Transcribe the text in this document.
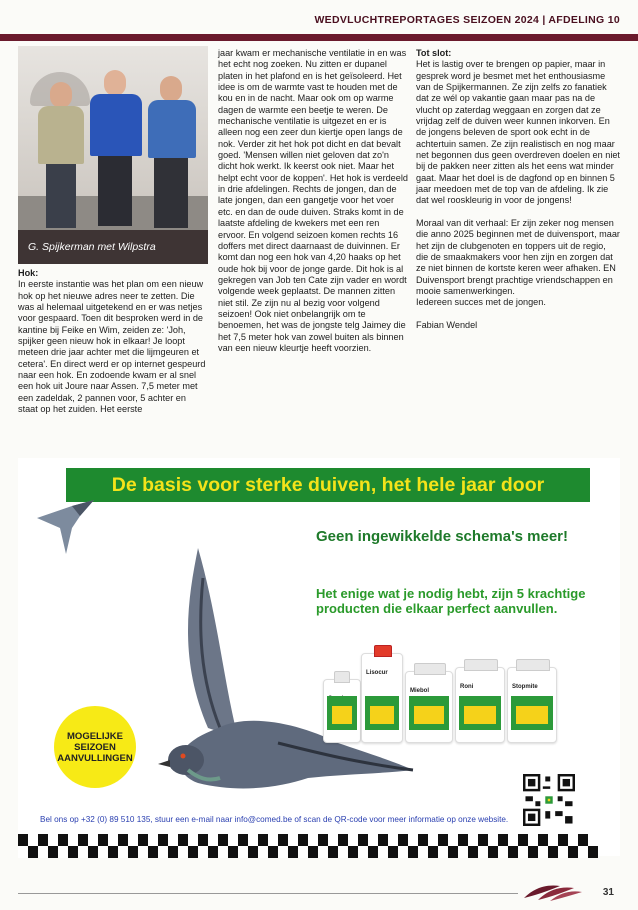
WEDVLUCHTREPORTAGES SEIZOEN 2024 | AFDELING 10
G. Spijkerman met Wilpstra

Hok:

In eerste instantie was het plan om een nieuw hok op het nieuwe adres neer te zetten. Die was al helemaal uitgetekend en er was netjes voor gespaard. Toen dit besproken werd in de kantine bij Feike en Wim, zeiden ze: 'Joh, spijker geen nieuw hok in elkaar! Je loopt meteen drie jaar achter met die lijmgeuren et cetera'. En direct werd er op internet gespeurd naar een hok. En zodoende kwam er al snel een hok uit Joure naar Assen. 7,5 meter met een zadeldak, 2 pannen voor, 5 achter en staat op het zuiden. Het eerste

jaar kwam er mechanische ventilatie in en was het echt nog zoeken. Nu zitten er dupanel platen in het plafond en is het geïsoleerd. Het idee is om de warmte vast te houden met de kou en in de nacht. Maar ook om op warme dagen de warmte een beetje te weren. De mechanische ventilatie is uitgezet en er is alleen nog een zeer dun kiertje open langs de nok. Verder zit het hok pot dicht en dat bevalt goed. 'Mensen willen niet geloven dat zo'n dicht hok werkt. Ik keerst ook niet. Maar het helpt echt voor de koppen'. Het hok is verdeeld in drie afdelingen. Rechts de jongen, dan de late jongen, dan een gangetje voor het voer etc. en dan de oude duiven. Straks komt in de laatste afdeling de kwekers met een ren ervoor. En volgend seizoen komen rechts 16 doffers met direct daarnaast de duivinnen. Er komt dan nog een hok van 4,20 haaks op het oude hok bij voor de jonge garde. Dit hok is al gekregen van Job ten Cate zijn vader en wordt volgende week geplaatst. De mannen zitten niet stil. Ze zijn nu al bezig voor volgend seizoen! Ook niet onbelangrijk om te benoemen, het was de jongste telg Jaimey die het 7,5 meter hok van zowel buiten als binnen van een nieuw kleurtje heeft voorzien.

Tot slot:

Het is lastig over te brengen op papier, maar in gesprek word je besmet met het enthousiasme van de Spijkermannen. Ze zijn zelfs zo fanatiek dat ze wél op vakantie gaan maar pas na de vlucht op zaterdag weggaan en zorgen dat ze vrijdag zelf de duiven weer kunnen inkorven. En de jongens beleven de sport ook echt in de achtertuin samen. Ze zijn realistisch en nog maar net begonnen dus geen overdreven doelen en niet bij de pakken neer zitten als het eens wat minder gaat. Maar het doel is de dagfond op en binnen 5 jaar meedoen met de top van de afdeling. Ik zie dat wel rooskleurig in voor de jongens!

Moraal van dit verhaal: Er zijn zeker nog mensen die anno 2025 beginnen met de duivensport, maar het zijn de clubgenoten en toppers uit de regio, die de smaakmakers voor hen zijn en zorgen dat ze niet binnen de kortste keren weer afhaken. EN Duivensport brengt prachtige vriendschappen en mooie samenwerkingen.

Iedereen succes met de jongen.

Fabian Wendel

De basis voor sterke duiven, het hele jaar door
Geen ingewikkelde schema's meer!
Het enige wat je nodig hebt, zijn 5 krachtige producten die elkaar perfect aanvullen.
Lisocur
Miebol
Roni	Stopmite
MOGELIJKE SEIZOEN AANVULLINGEN
Bel ons op +32 (0) 89 510 135, stuur een e-mail naar info@comed.be of scan de QR-code voor meer informatie op onze website.
31
